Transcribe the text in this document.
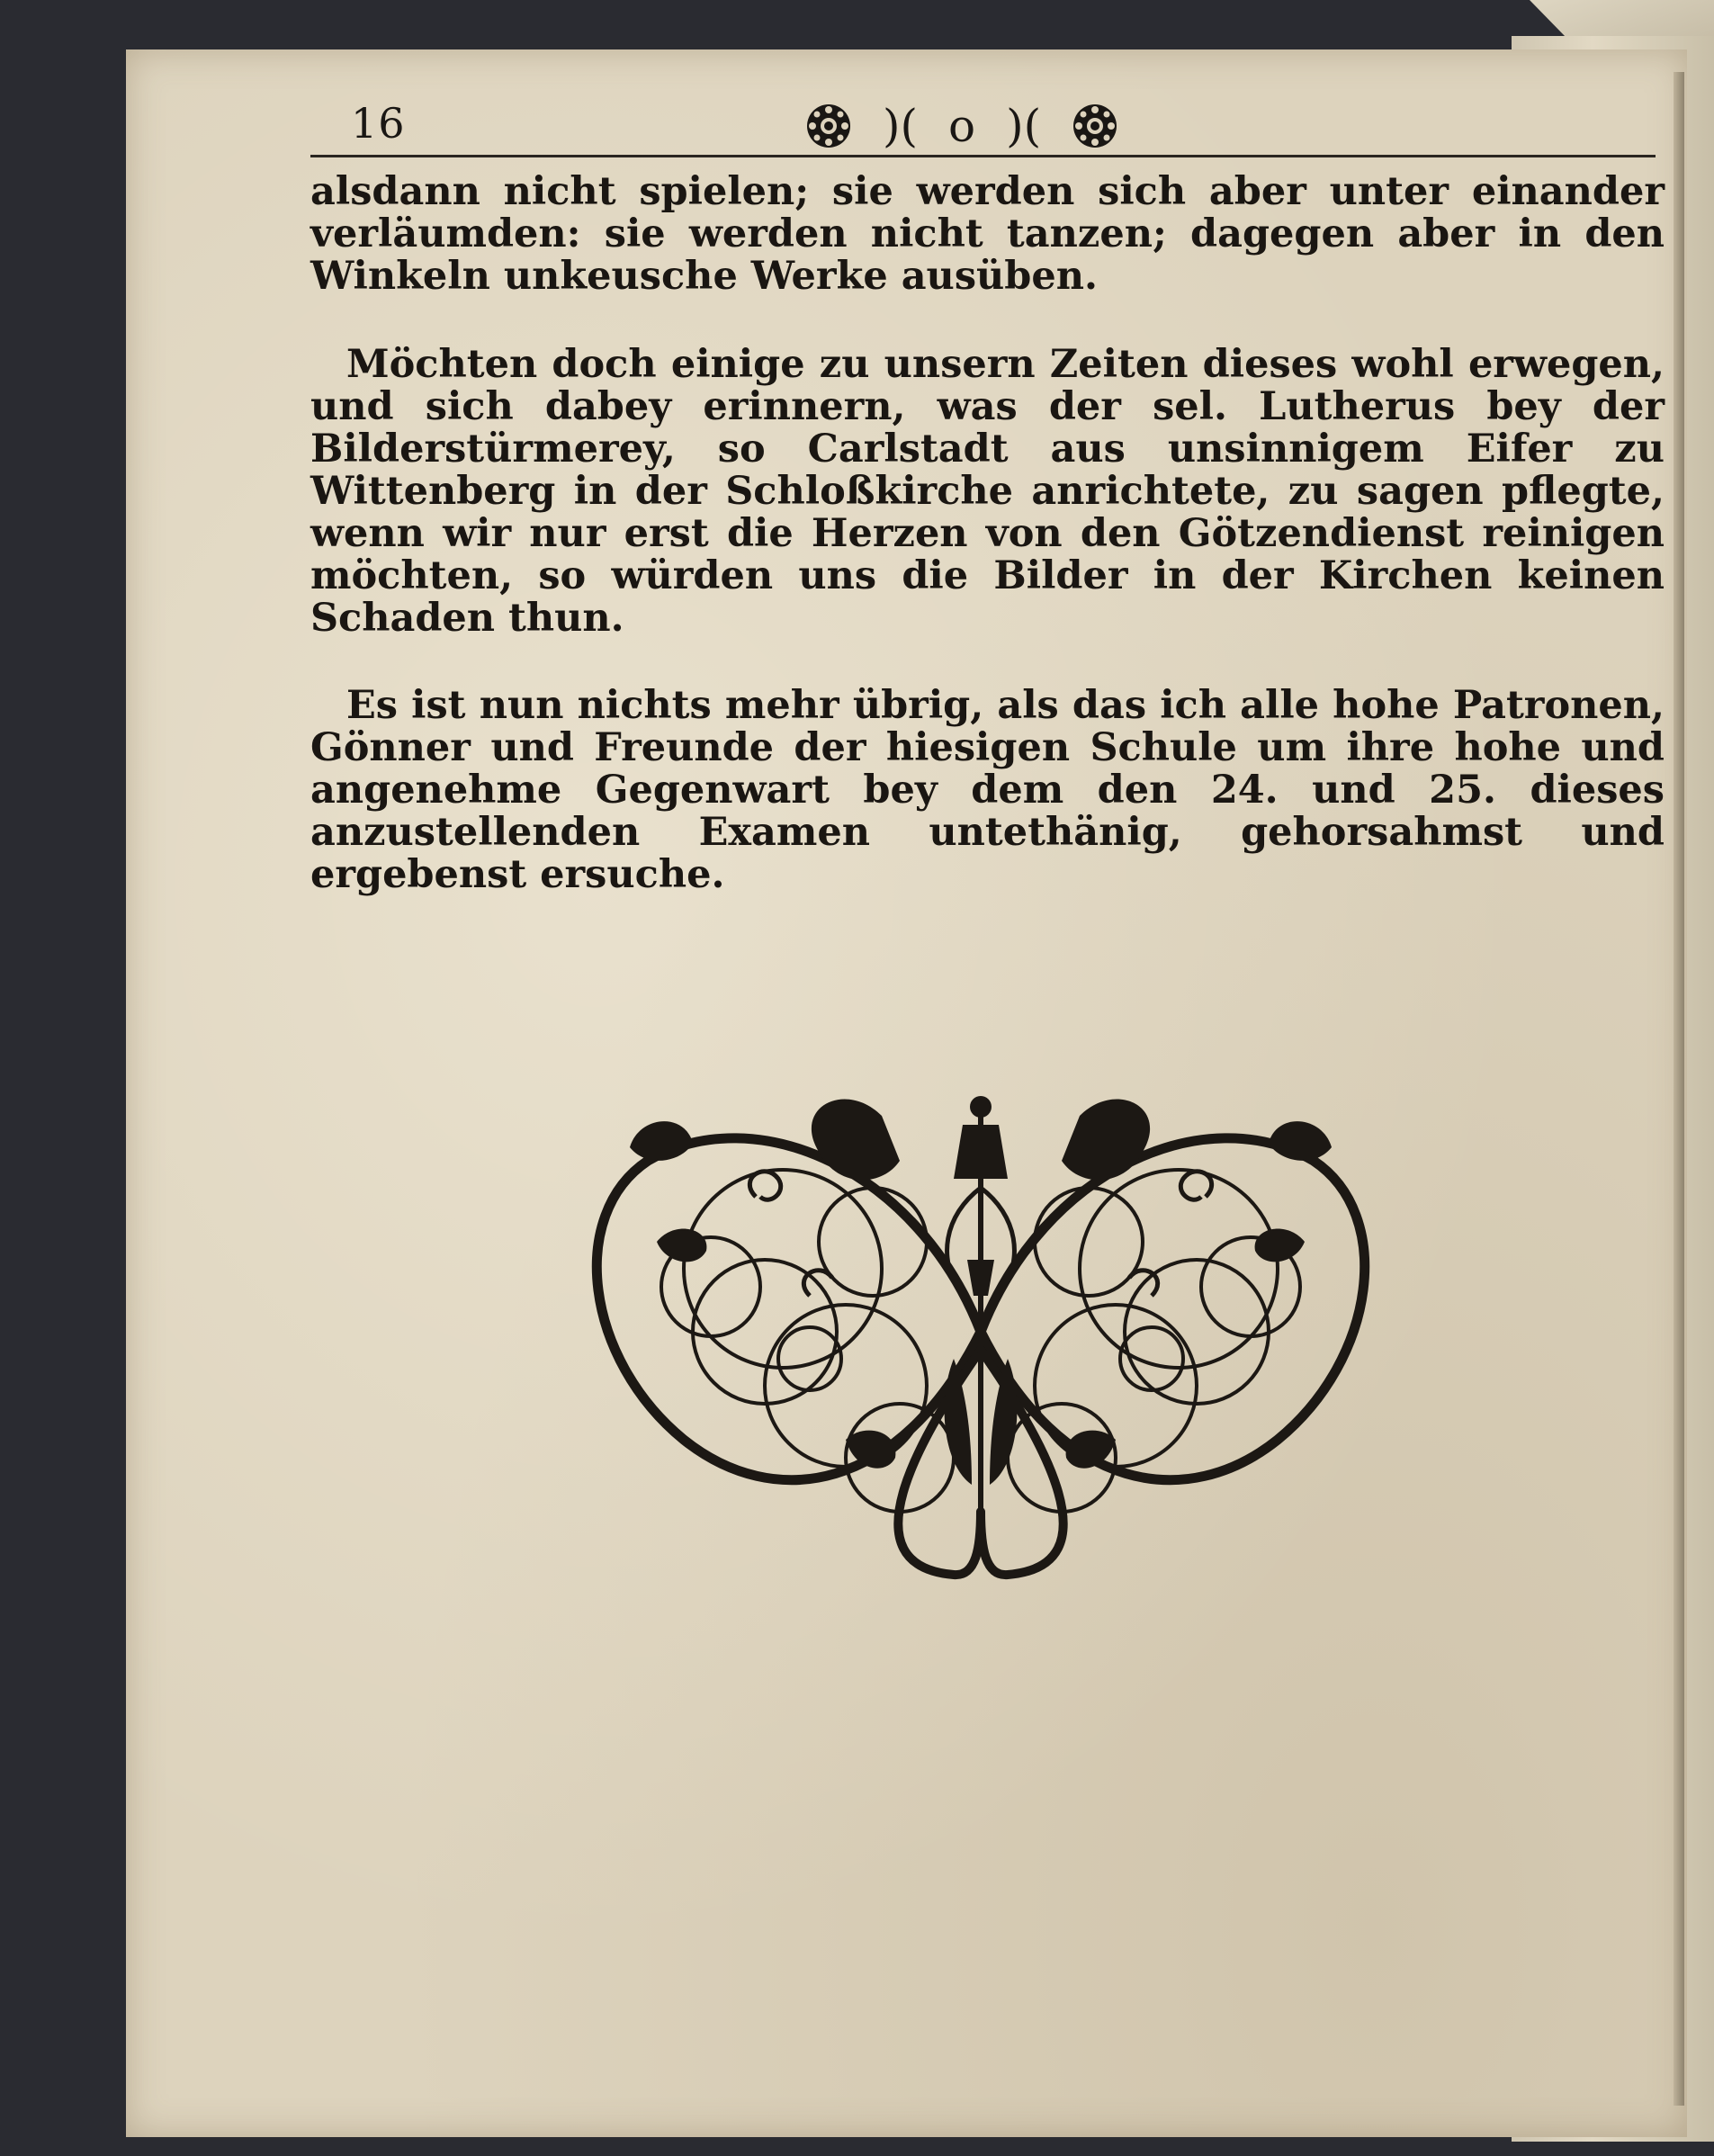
16	)( o )(

alsdann nicht spielen; sie werden sich aber unter einander verläumden: sie werden nicht tanzen; dagegen aber in den Winkeln unkeusche Werke ausüben.

Möchten doch einige zu unsern Zeiten dieses wohl erwegen, und sich dabey erinnern, was der sel. Lutherus bey der Bilderstürmerey, so Carlstadt aus unsinnigem Eifer zu Wittenberg in der Schloßkirche anrichtete, zu sagen pflegte, wenn wir nur erst die Herzen von den Götzendienst reinigen möchten, so würden uns die Bilder in der Kirchen keinen Schaden thun.

Es ist nun nichts mehr übrig, als das ich alle hohe Patronen, Gönner und Freunde der hiesigen Schule um ihre hohe und angenehme Gegenwart bey dem den 24. und 25. dieses anzustellenden Examen untethänig, gehorsahmst und ergebenst ersuche.
